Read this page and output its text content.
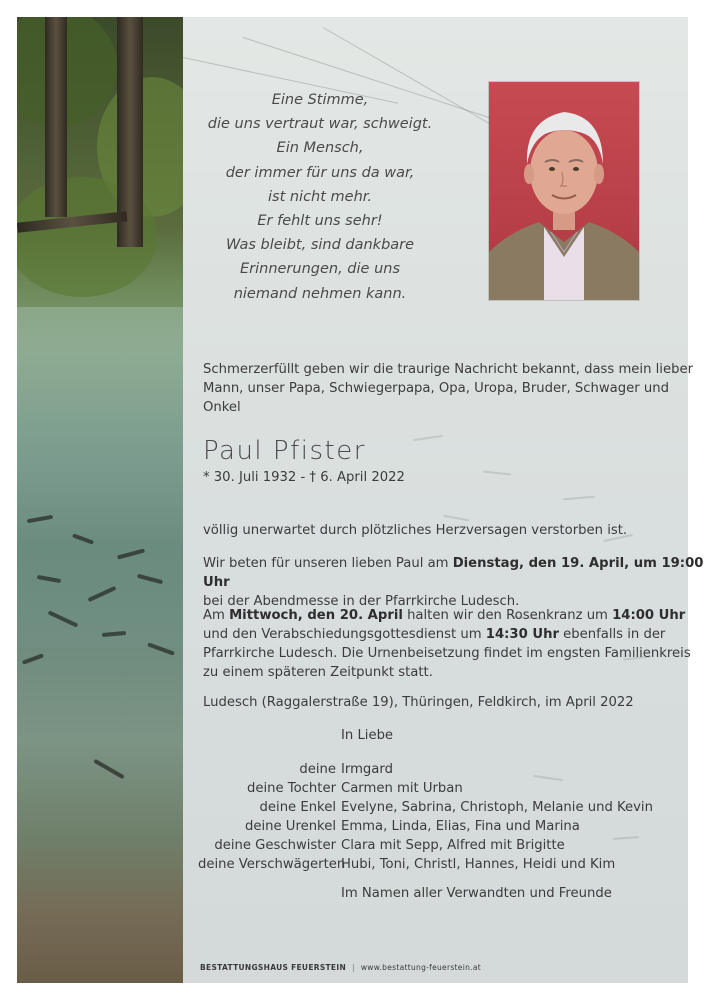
Eine Stimme,
die uns vertraut war, schweigt.
Ein Mensch,
der immer für uns da war,
ist nicht mehr.
Er fehlt uns sehr!
Was bleibt, sind dankbare
Erinnerungen, die uns
niemand nehmen kann.
Schmerzerfüllt geben wir die traurige Nachricht bekannt, dass mein lieber
Mann, unser Papa, Schwiegerpapa, Opa, Uropa, Bruder, Schwager und Onkel
Paul Pfister
* 30. Juli 1932 - † 6. April 2022
völlig unerwartet durch plötzliches Herzversagen verstorben ist.
Wir beten für unseren lieben Paul am Dienstag, den 19. April, um 19:00 Uhr
bei der Abendmesse in der Pfarrkirche Ludesch.
Am Mittwoch, den 20. April halten wir den Rosenkranz um 14:00 Uhr
und den Verabschiedungsgottesdienst um 14:30 Uhr ebenfalls in der
Pfarrkirche Ludesch. Die Urnenbeisetzung findet im engsten Familienkreis
zu einem späteren Zeitpunkt statt.
Ludesch (Raggalerstraße 19), Thüringen, Feldkirch, im April 2022
In Liebe
deine Irmgard
deine Tochter Carmen mit Urban
deine Enkel Evelyne, Sabrina, Christoph, Melanie und Kevin
deine Urenkel Emma, Linda, Elias, Fina und Marina
deine Geschwister Clara mit Sepp, Alfred mit Brigitte
deine Verschwägerten
Hubi, Toni, Christl, Hannes, Heidi und Kim
Im Namen aller Verwandten und Freunde
BESTATTUNGSHAUS FEUERSTEIN | www.bestattung-feuerstein.at
